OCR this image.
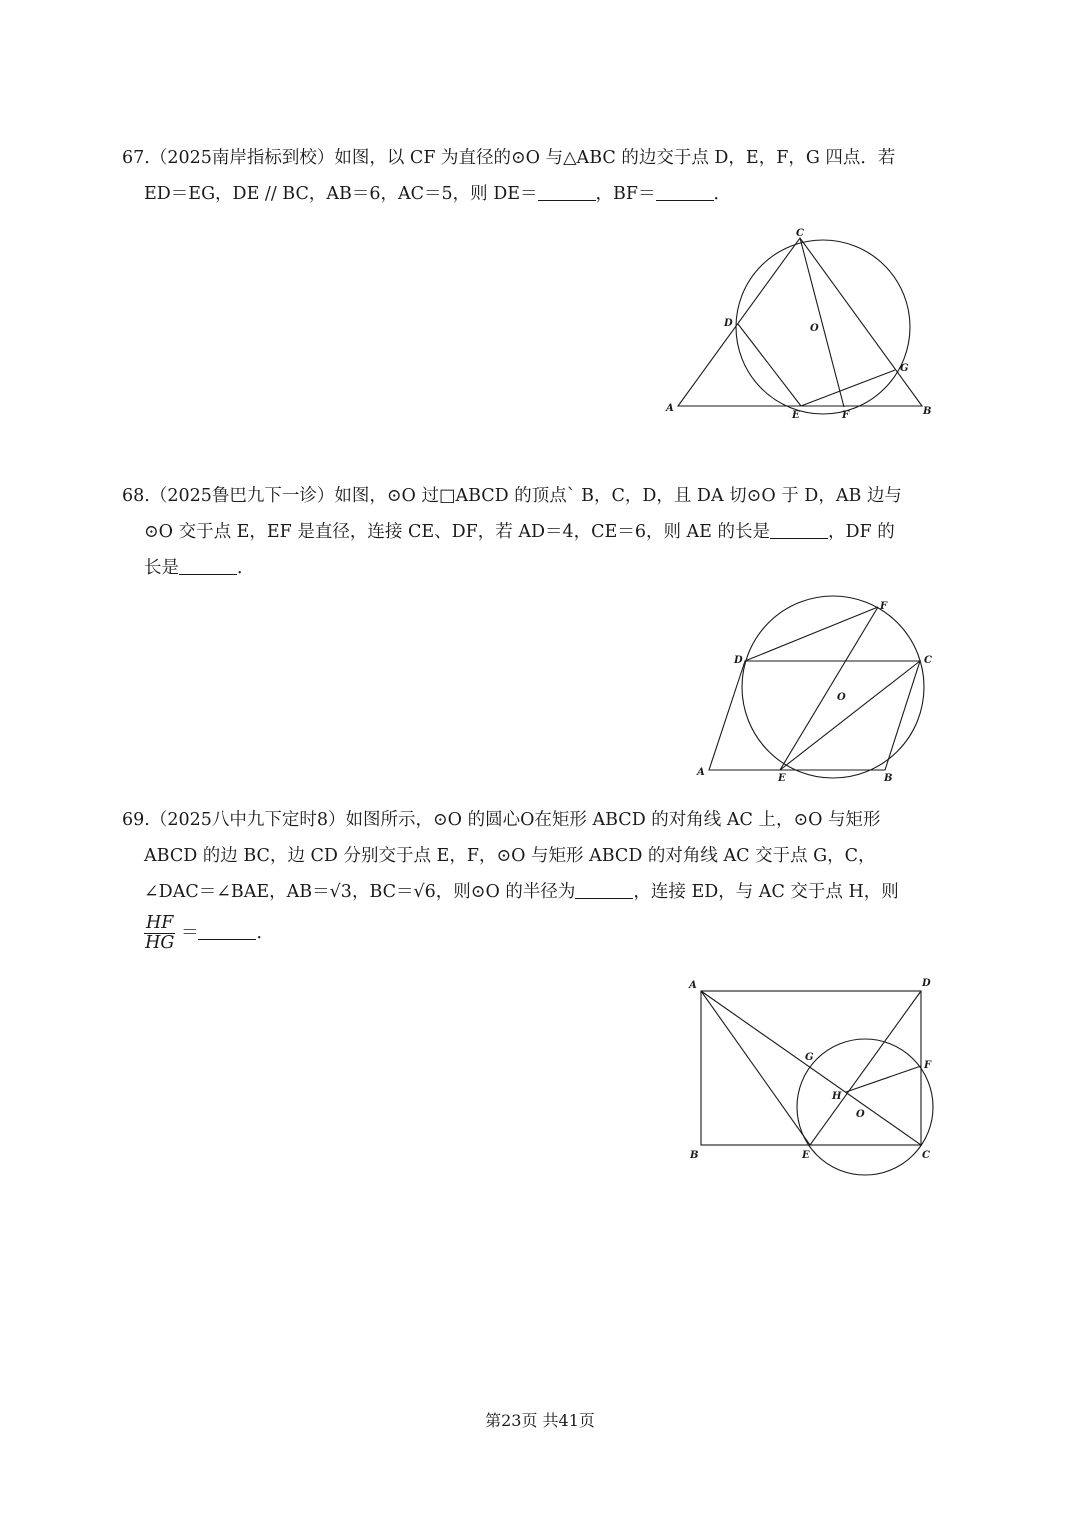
67.（2025南岸指标到校）如图，以 CF 为直径的⊙O 与△ABC 的边交于点 D，E，F，G 四点．若
ED＝EG，DE // BC，AB＝6，AC＝5，则 DE＝	，BF＝	．
C
D	O
G
A
E	F	B
68.（2025鲁巴九下一诊）如图，⊙O 过□ABCD 的顶点` B，C，D，且 DA 切⊙O 于 D，AB 边与
⊙O 交于点 E，EF 是直径，连接 CE、DF，若 AD＝4，CE＝6，则 AE 的长是	，DF 的
长是	．
F
D	C
O
A
E	B
69.（2025八中九下定时8）如图所示，⊙O 的圆心O在矩形 ABCD 的对角线 AC 上，⊙O 与矩形
ABCD 的边 BC，边 CD 分别交于点 E，F，⊙O 与矩形 ABCD 的对角线 AC 交于点 G，C，
∠DAC＝∠BAE，AB＝√3，BC＝√6，则⊙O 的半径为	，连接 ED，与 AC 交于点 H，则
$\frac{HF}{HG}$ ＝	．
A	D
G
F
H
O
B	E	C
第23页 共41页
